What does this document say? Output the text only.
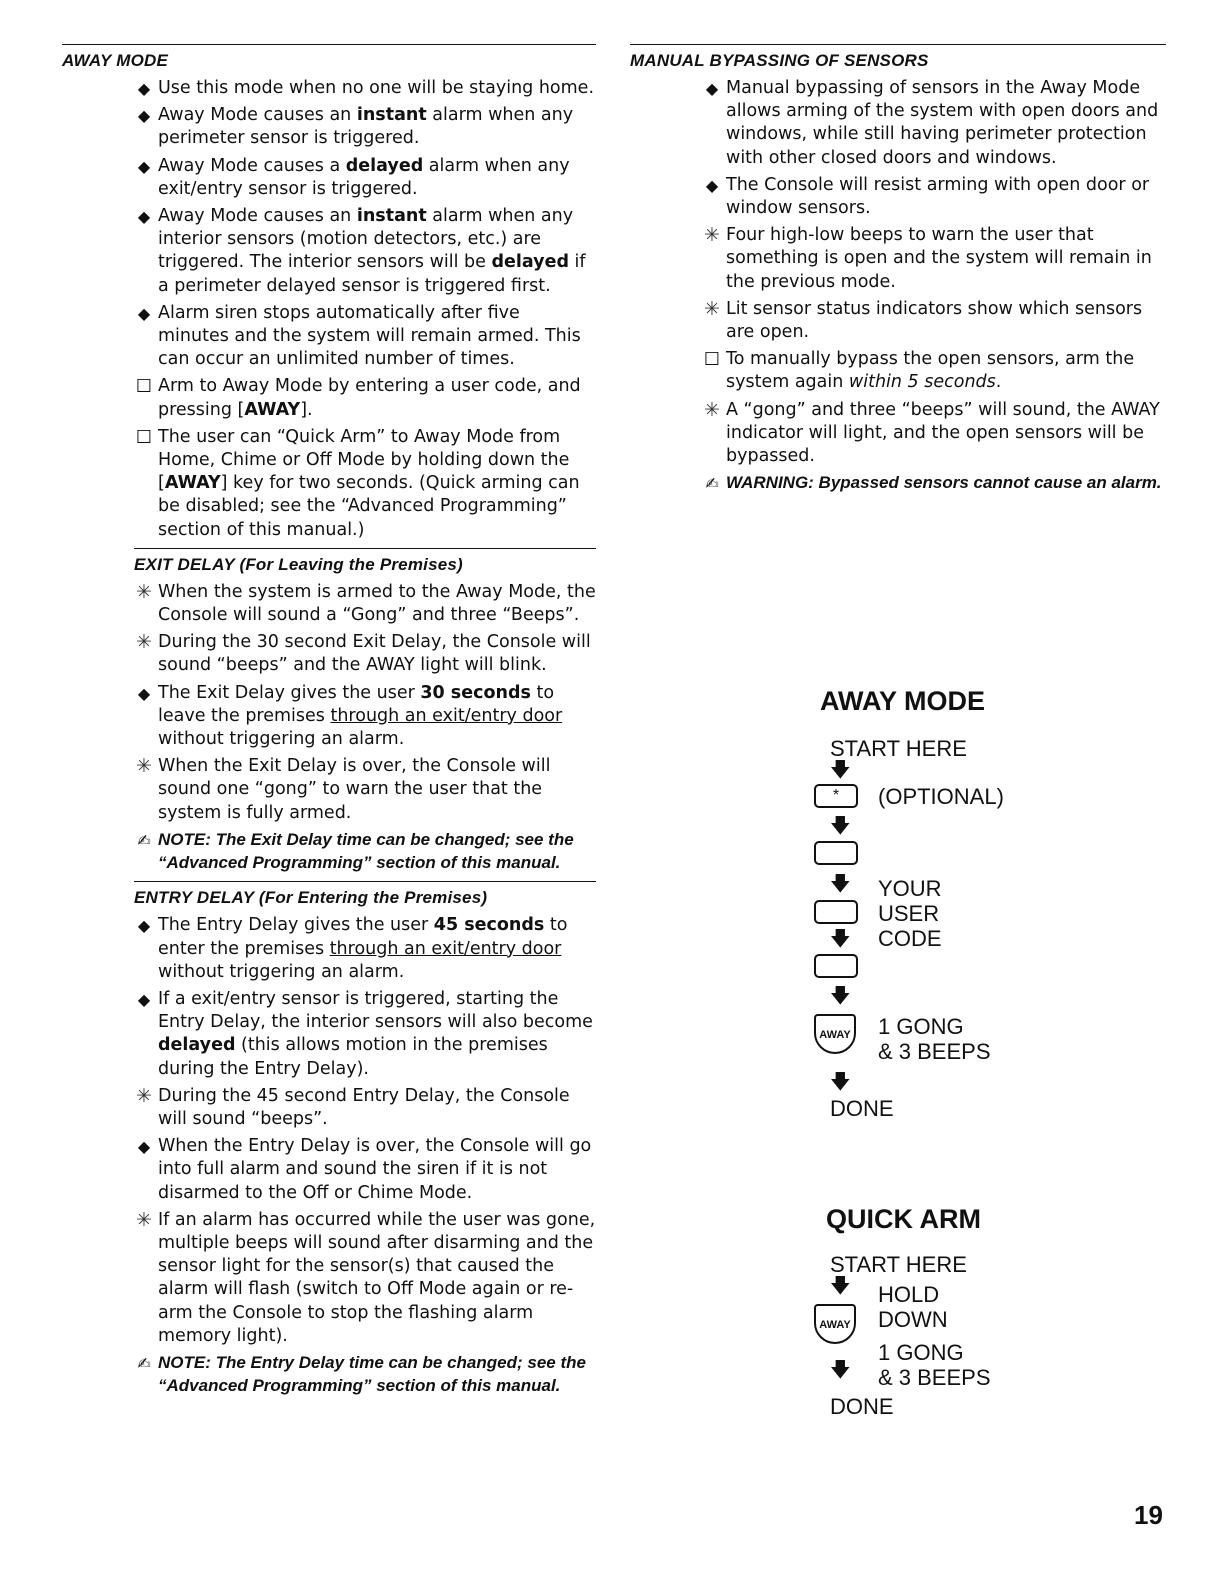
AWAY MODE
◆ Use this mode when no one will be staying home.
◆ Away Mode causes an instant alarm when any perimeter sensor is triggered.
◆ Away Mode causes a delayed alarm when any exit/entry sensor is triggered.
◆ Away Mode causes an instant alarm when any interior sensors (motion detectors, etc.) are triggered. The interior sensors will be delayed if a perimeter delayed sensor is triggered first.
◆ Alarm siren stops automatically after five minutes and the system will remain armed. This can occur an unlimited number of times.
☐ Arm to Away Mode by entering a user code, and pressing [AWAY].
☐ The user can “Quick Arm” to Away Mode from Home, Chime or Off Mode by holding down the [AWAY] key for two seconds. (Quick arming can be disabled; see the “Advanced Programming” section of this manual.)
EXIT DELAY (For Leaving the Premises)
✳ When the system is armed to the Away Mode, the Console will sound a “Gong” and three “Beeps”.
✳ During the 30 second Exit Delay, the Console will sound “beeps” and the AWAY light will blink.
◆ The Exit Delay gives the user 30 seconds to leave the premises through an exit/entry door without triggering an alarm.
✳ When the Exit Delay is over, the Console will sound one “gong” to warn the user that the system is fully armed.
✍ NOTE: The Exit Delay time can be changed; see the “Advanced Programming” section of this manual.
ENTRY DELAY (For Entering the Premises)
◆ The Entry Delay gives the user 45 seconds to enter the premises through an exit/entry door without triggering an alarm.
◆ If a exit/entry sensor is triggered, starting the Entry Delay, the interior sensors will also become delayed (this allows motion in the premises during the Entry Delay).
✳ During the 45 second Entry Delay, the Console will sound “beeps”.
◆ When the Entry Delay is over, the Console will go into full alarm and sound the siren if it is not disarmed to the Off or Chime Mode.
✳ If an alarm has occurred while the user was gone, multiple beeps will sound after disarming and the sensor light for the sensor(s) that caused the alarm will flash (switch to Off Mode again or re-arm the Console to stop the flashing alarm memory light).
✍ NOTE: The Entry Delay time can be changed; see the “Advanced Programming” section of this manual.
MANUAL BYPASSING OF SENSORS
◆ Manual bypassing of sensors in the Away Mode allows arming of the system with open doors and windows, while still having perimeter protection with other closed doors and windows.
◆ The Console will resist arming with open door or window sensors.
✳ Four high-low beeps to warn the user that something is open and the system will remain in the previous mode.
✳ Lit sensor status indicators show which sensors are open.
☐ To manually bypass the open sensors, arm the system again within 5 seconds.
✳ A “gong” and three “beeps” will sound, the AWAY indicator will light, and the open sensors will be bypassed.
✍ WARNING: Bypassed sensors cannot cause an alarm.
AWAY MODE
START HERE
🡇
*	(OPTIONAL)
🡇
🡇 YOUR
USER
🡇 CODE
🡇
AWAY 1 GONG
& 3 BEEPS
🡇
DONE
QUICK ARM
START HERE
🡇 HOLD
AWAY DOWN
1 GONG
🡇 & 3 BEEPS
DONE
19
